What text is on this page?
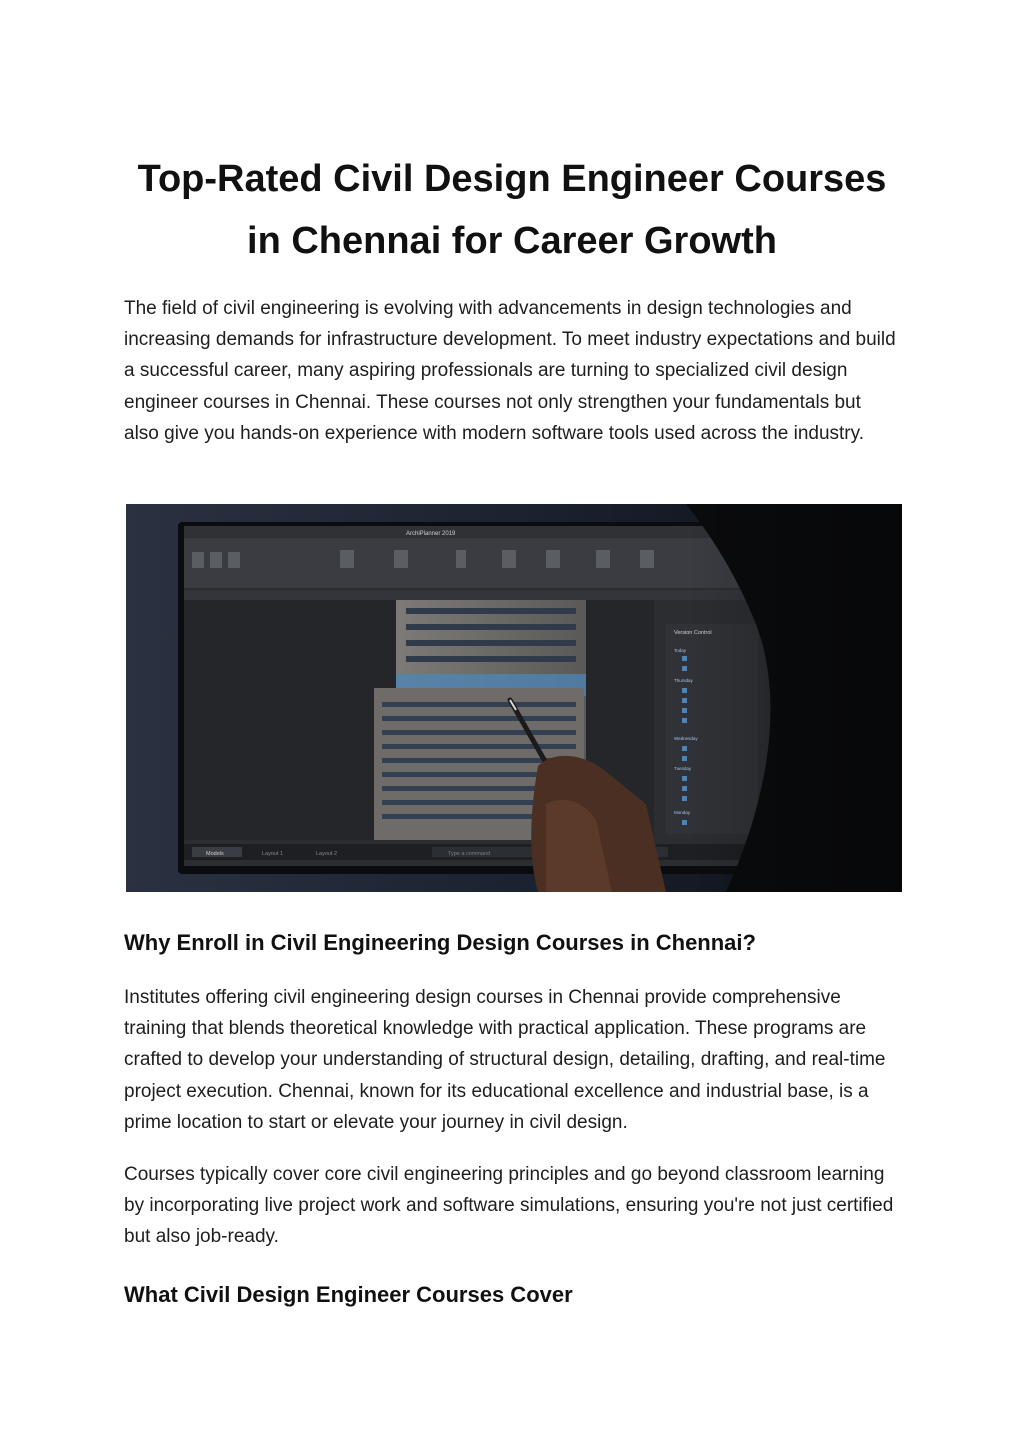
Top-Rated Civil Design Engineer Courses in Chennai for Career Growth

The field of civil engineering is evolving with advancements in design technologies and increasing demands for infrastructure development. To meet industry expectations and build a successful career, many aspiring professionals are turning to specialized civil design engineer courses in Chennai. These courses not only strengthen your fundamentals but also give you hands-on experience with modern software tools used across the industry.

ArchiPlanner 2019
Version Control
Today
Thursday
Wednesday
Tuesday
Monday
Models	Layout 1	Layout 2	Type a command
Why Enroll in Civil Engineering Design Courses in Chennai?

Institutes offering civil engineering design courses in Chennai provide comprehensive training that blends theoretical knowledge with practical application. These programs are crafted to develop your understanding of structural design, detailing, drafting, and real-time project execution. Chennai, known for its educational excellence and industrial base, is a prime location to start or elevate your journey in civil design.

Courses typically cover core civil engineering principles and go beyond classroom learning by incorporating live project work and software simulations, ensuring you're not just certified but also job-ready.

What Civil Design Engineer Courses Cover
